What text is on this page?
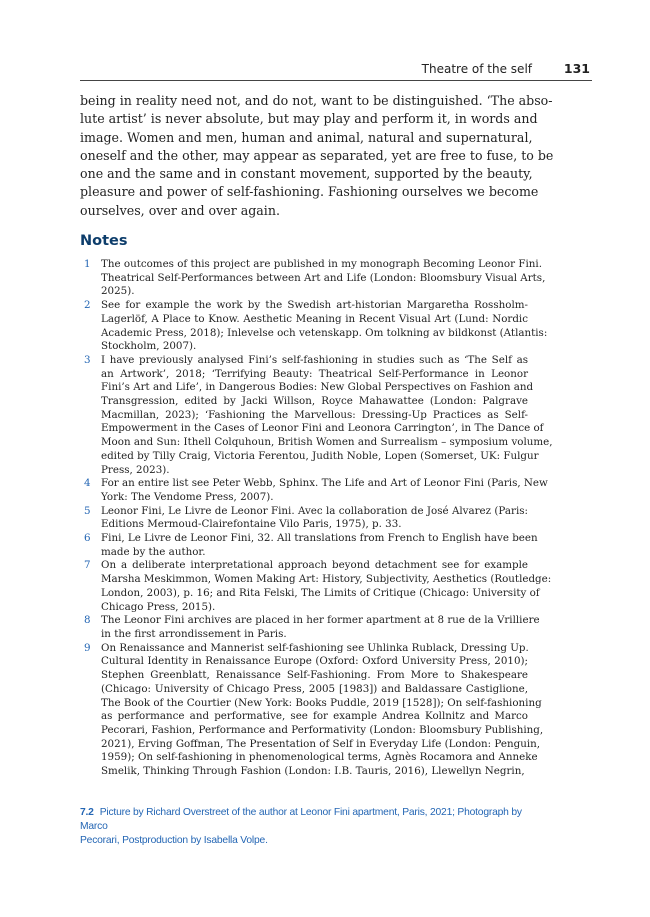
Theatre of the self	131
being in reality need not, and do not, want to be distinguished. ‘The abso-
lute artist’ is never absolute, but may play and perform it, in words and
image. Women and men, human and animal, natural and supernatural,
oneself and the other, may appear as separated, yet are free to fuse, to be
one and the same and in constant movement, supported by the beauty,
pleasure and power of self-fashioning. Fashioning ourselves we become
ourselves, over and over again.
Notes
1 The outcomes of this project are published in my monograph Becoming Leonor Fini.
Theatrical Self-Performances between Art and Life (London: Bloomsbury Visual Arts,
2025).
2 See for example the work by the Swedish art-historian Margaretha Rossholm-
Lagerlöf, A Place to Know. Aesthetic Meaning in Recent Visual Art (Lund: Nordic
Academic Press, 2018); Inlevelse och vetenskapp. Om tolkning av bildkonst (Atlantis:
Stockholm, 2007).
3 I have previously analysed Fini’s self-fashioning in studies such as ‘The Self as
an Artwork’, 2018; ‘Terrifying Beauty: Theatrical Self-Performance in Leonor
Fini’s Art and Life’, in Dangerous Bodies: New Global Perspectives on Fashion and
Transgression, edited by Jacki Willson, Royce Mahawattee (London: Palgrave
Macmillan, 2023); ‘Fashioning the Marvellous: Dressing-Up Practices as Self-
Empowerment in the Cases of Leonor Fini and Leonora Carrington’, in The Dance of
Moon and Sun: Ithell Colquhoun, British Women and Surrealism – symposium volume,
edited by Tilly Craig, Victoria Ferentou, Judith Noble, Lopen (Somerset, UK: Fulgur
Press, 2023).
4 For an entire list see Peter Webb, Sphinx. The Life and Art of Leonor Fini (Paris, New
York: The Vendome Press, 2007).
5 Leonor Fini, Le Livre de Leonor Fini. Avec la collaboration de José Alvarez (Paris:
Editions Mermoud-Clairefontaine Vilo Paris, 1975), p. 33.
6 Fini, Le Livre de Leonor Fini, 32. All translations from French to English have been
made by the author.
7 On a deliberate interpretational approach beyond detachment see for example
Marsha Meskimmon, Women Making Art: History, Subjectivity, Aesthetics (Routledge:
London, 2003), p. 16; and Rita Felski, The Limits of Critique (Chicago: University of
Chicago Press, 2015).
8 The Leonor Fini archives are placed in her former apartment at 8 rue de la Vrilliere
in the first arrondissement in Paris.
9 On Renaissance and Mannerist self-fashioning see Uhlinka Rublack, Dressing Up.
Cultural Identity in Renaissance Europe (Oxford: Oxford University Press, 2010);
Stephen Greenblatt, Renaissance Self-Fashioning. From More to Shakespeare
(Chicago: University of Chicago Press, 2005 [1983]) and Baldassare Castiglione,
The Book of the Courtier (New York: Books Puddle, 2019 [1528]); On self-fashioning
as performance and performative, see for example Andrea Kollnitz and Marco
Pecorari, Fashion, Performance and Performativity (London: Bloomsbury Publishing,
2021), Erving Goffman, The Presentation of Self in Everyday Life (London: Penguin,
1959); On self-fashioning in phenomenological terms, Agnès Rocamora and Anneke
Smelik, Thinking Through Fashion (London: I.B. Tauris, 2016), Llewellyn Negrin,
7.2 Picture by Richard Overstreet of the author at Leonor Fini apartment, Paris, 2021; Photograph by Marco
Pecorari, Postproduction by Isabella Volpe.
